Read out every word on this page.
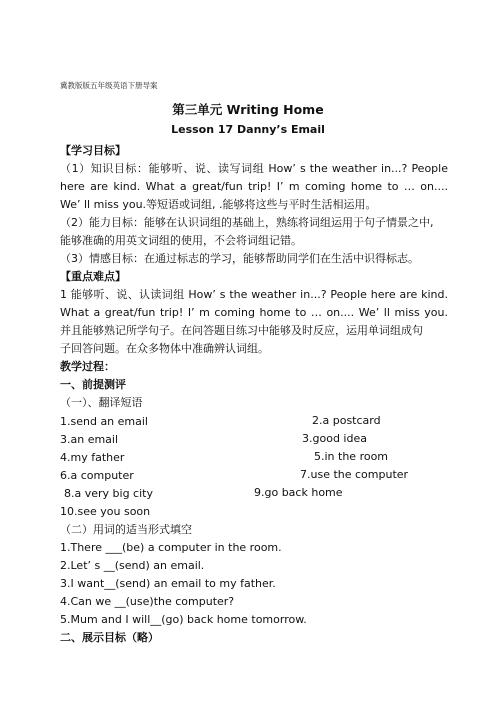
冀教版版五年级英语下册导案
第三单元 Writing Home
Lesson 17 Danny’s Email
【学习目标】
（1）知识目标：能够听、说、读写词组 How’ s the weather in...? People
here are kind. What a great/fun trip! I’ m coming home to … on....
We’ ll miss you.等短语或词组, .能够将这些与平时生活相运用。
（2）能力目标：能够在认识词组的基础上，熟练将词组运用于句子情景之中,
能够准确的用英文词组的使用，不会将词组记错。
（3）情感目标：在通过标志的学习，能够帮助同学们在生活中识得标志。
【重点难点】
1 能够听、说、认读词组 How’ s the weather in...? People here are kind.
What a great/fun trip! I’ m coming home to … on.... We’ ll miss you.
并且能够熟记所学句子。在问答题目练习中能够及时反应，运用单词组成句
子回答问题。在众多物体中准确辨认词组。
教学过程：
一、前提测评
（一）、翻译短语
1.send an email	2.a postcard
3.an email	3.good idea
4.my father	5.in the room
6.a computer	7.use the computer
8.a very big city	9.go back home
10.see you soon
（二）用词的适当形式填空
1.There ___(be) a computer in the room.
2.Let’ s __(send) an email.
3.I want__(send) an email to my father.
4.Can we __(use)the computer?
5.Mum and I will__(go) back home tomorrow.
二、展示目标（略）
